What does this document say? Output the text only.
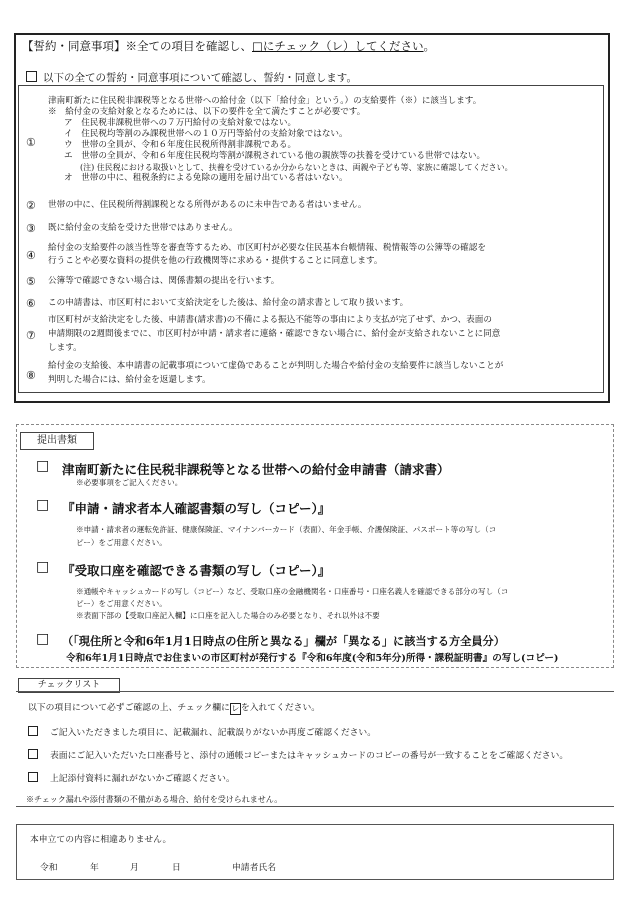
【誓約・同意事項】※全ての項目を確認し、□にチェック（レ）してください。
以下の全ての誓約・同意事項について確認し、誓約・同意します。
①
津南町新たに住民税非課税等となる世帯への給付金（以下「給付金」という。）の支給要件（※）に該当します。
※　給付金の支給対象となるためには、以下の要件を全て満たすことが必要です。
ア　住民税非課税世帯への７万円給付の支給対象ではない。
イ　住民税均等割のみ課税世帯への１０万円等給付の支給対象ではない。
ウ　世帯の全員が、令和６年度住民税所得割非課税である。
エ　世帯の全員が、令和６年度住民税均等割が課税されている他の親族等の扶養を受けている世帯ではない。
(注) 住民税における取扱いとして、扶養を受けているか分からないときは、両親や子ども等、家族に確認してください。
オ　世帯の中に、租税条約による免除の適用を届け出ている者はいない。
② 世帯の中に、住民税所得割課税となる所得があるのに未申告である者はいません。
③ 既に給付金の支給を受けた世帯ではありません。
④
給付金の支給要件の該当性等を審査等するため、市区町村が必要な住民基本台帳情報、税情報等の公簿等の確認を
行うことや必要な資料の提供を他の行政機関等に求める・提供することに同意します。
⑤ 公簿等で確認できない場合は、関係書類の提出を行います。
⑥ この申請書は、市区町村において支給決定をした後は、給付金の請求書として取り扱います。
⑦
市区町村が支給決定をした後、申請書(請求書)の不備による振込不能等の事由により支払が完了せず、かつ、表面の
申請期限の2週間後までに、市区町村が申請・請求者に連絡・確認できない場合に、給付金が支給されないことに同意
します。
⑧
給付金の支給後、本申請書の記載事項について虚偽であることが判明した場合や給付金の支給要件に該当しないことが
判明した場合には、給付金を返還します。
提出書類
□ 津南町新たに住民税非課税等となる世帯への給付金申請書（請求書）
※必要事項をご記入ください。
□ 『申請・請求者本人確認書類の写し（コピー）』
※申請・請求者の運転免許証、健康保険証、マイナンバーカード（表面）、年金手帳、介護保険証、パスポート等の写し（コ
ピー）をご用意ください。
□ 『受取口座を確認できる書類の写し（コピー）』
※通帳やキャッシュカードの写し（コピー）など、受取口座の金融機関名・口座番号・口座名義人を確認できる部分の写し（コ
ピー）をご用意ください。
※表面下部の【受取口座記入欄】に口座を記入した場合のみ必要となり、それ以外は不要
□ （「現住所と令和6年1月1日時点の住所と異なる」欄が「異なる」に該当する方全員分）
令和6年1月1日時点でお住まいの市区町村が発行する『令和6年度(令和5年分)所得・課税証明書』の写し(コピー)
チェックリスト
以下の項目について必ずご確認の上、チェック欄に レ を入れてください。
ご記入いただきました項目に、記載漏れ、記載誤りがないか再度ご確認ください。
表面にご記入いただいた口座番号と、添付の通帳コピーまたはキャッシュカードのコピーの番号が一致することをご確認ください。
上記添付資料に漏れがないかご確認ください。
※チェック漏れや添付書類の不備がある場合、給付を受けられません。
本申立ての内容に相違ありません。
令和	年	月	日	申請者氏名
